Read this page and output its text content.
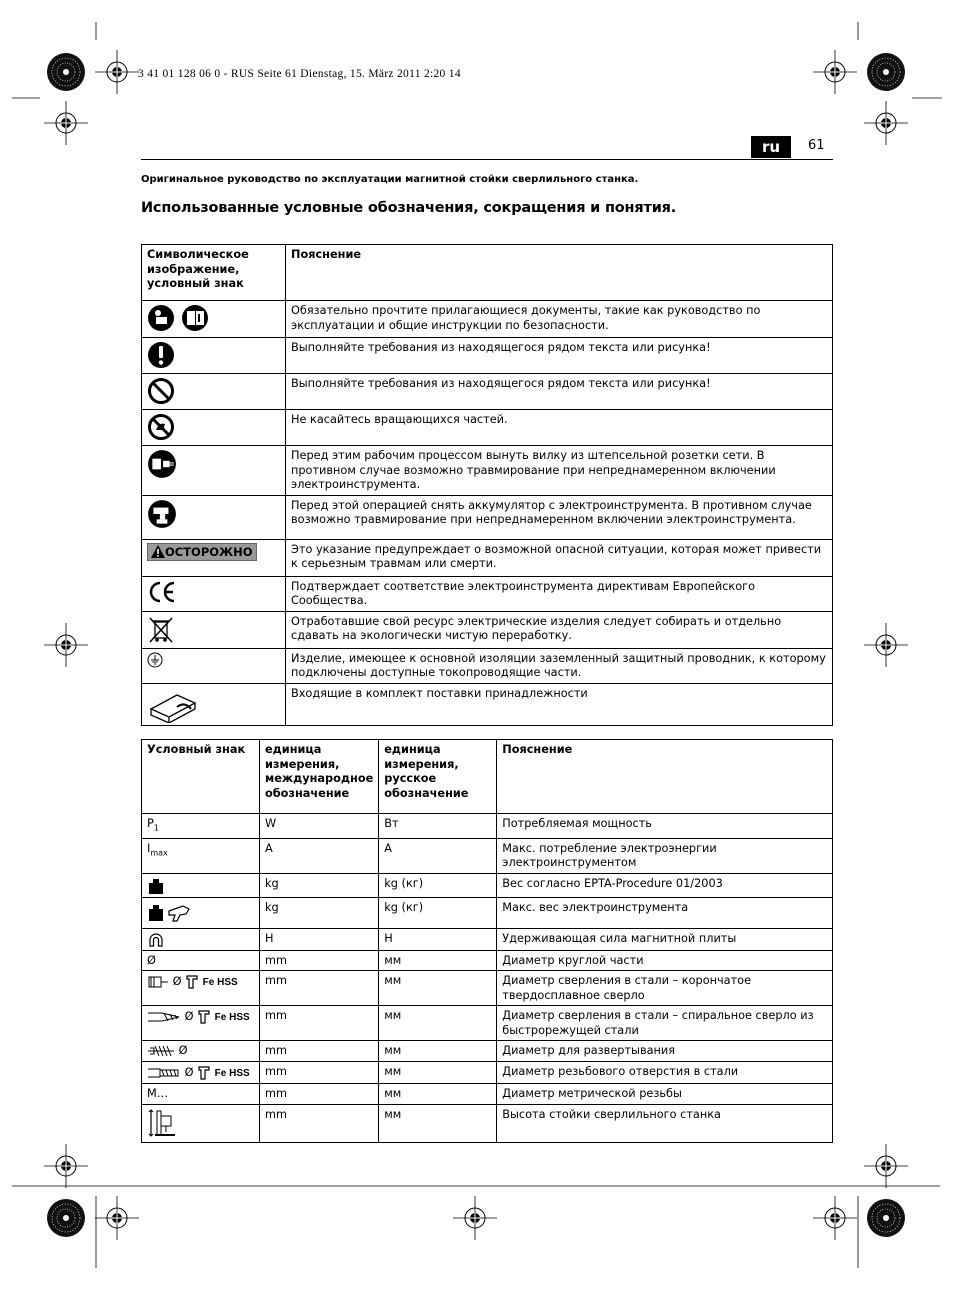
3 41 01 128 06 0 - RUS Seite 61 Dienstag, 15. März 2011 2:20 14
ru	61
Оригинальное руководство по эксплуатации магнитной стойки сверлильного станка.
Использованные условные обозначения, сокращения и понятия.
Символическое изображение, условный знак	Пояснение
	Обязательно прочтите прилагающиеся документы, такие как руководство по эксплуатации и общие инструкции по безопасности.
	Выполняйте требования из находящегося рядом текста или рисунка!
	Выполняйте требования из находящегося рядом текста или рисунка!
	Не касайтесь вращающихся частей.
	Перед этим рабочим процессом вынуть вилку из штепсельной розетки сети. В противном случае возможно травмирование при непреднамеренном включении электроинструмента.
	Перед этой операцией снять аккумулятор с электроинструмента. В противном случае возможно травмирование при непреднамеренном включении электроинструмента.

ОСТОРОЖНО	Это указание предупреждает о возможной опасной ситуации, которая может привести к серьезным травмам или смерти.
	Подтверждает соответствие электроинструмента директивам Европейского Сообщества.
	Отработавшие свой ресурс электрические изделия следует собирать и отдельно сдавать на экологически чистую переработку.
	Изделие, имеющее к основной изоляции заземленный защитный проводник, к которому подключены доступные токопроводящие части.
	Входящие в комплект поставки принадлежности
Условный знак	единица измерения, международное обозначение	единица измерения, русское обозначение	Пояснение
$P_1$	W	Вт	Потребляемая мощность
$I_{max}$	A	A	Макс. потребление электроэнергии электроинструментом
	kg	kg (кг)	Вес согласно EPTA-Procedure 01/2003
	kg	kg (кг)	Макс. вес электроинструмента
	H	H	Удерживающая сила магнитной плиты
Ø	mm	мм	Диаметр круглой части
Ø  Fe HSS	mm	мм	Диаметр сверления в стали – корончатое твердосплавное сверло
Ø  Fe HSS	mm	мм	Диаметр сверления в стали – спиральное сверло из быстрорежущей стали
Ø	mm	мм	Диаметр для развертывания
Ø  Fe HSS	mm	мм	Диаметр резьбового отверстия в стали
M…	mm	мм	Диаметр метрической резьбы
	mm	мм	Высота стойки сверлильного станка
